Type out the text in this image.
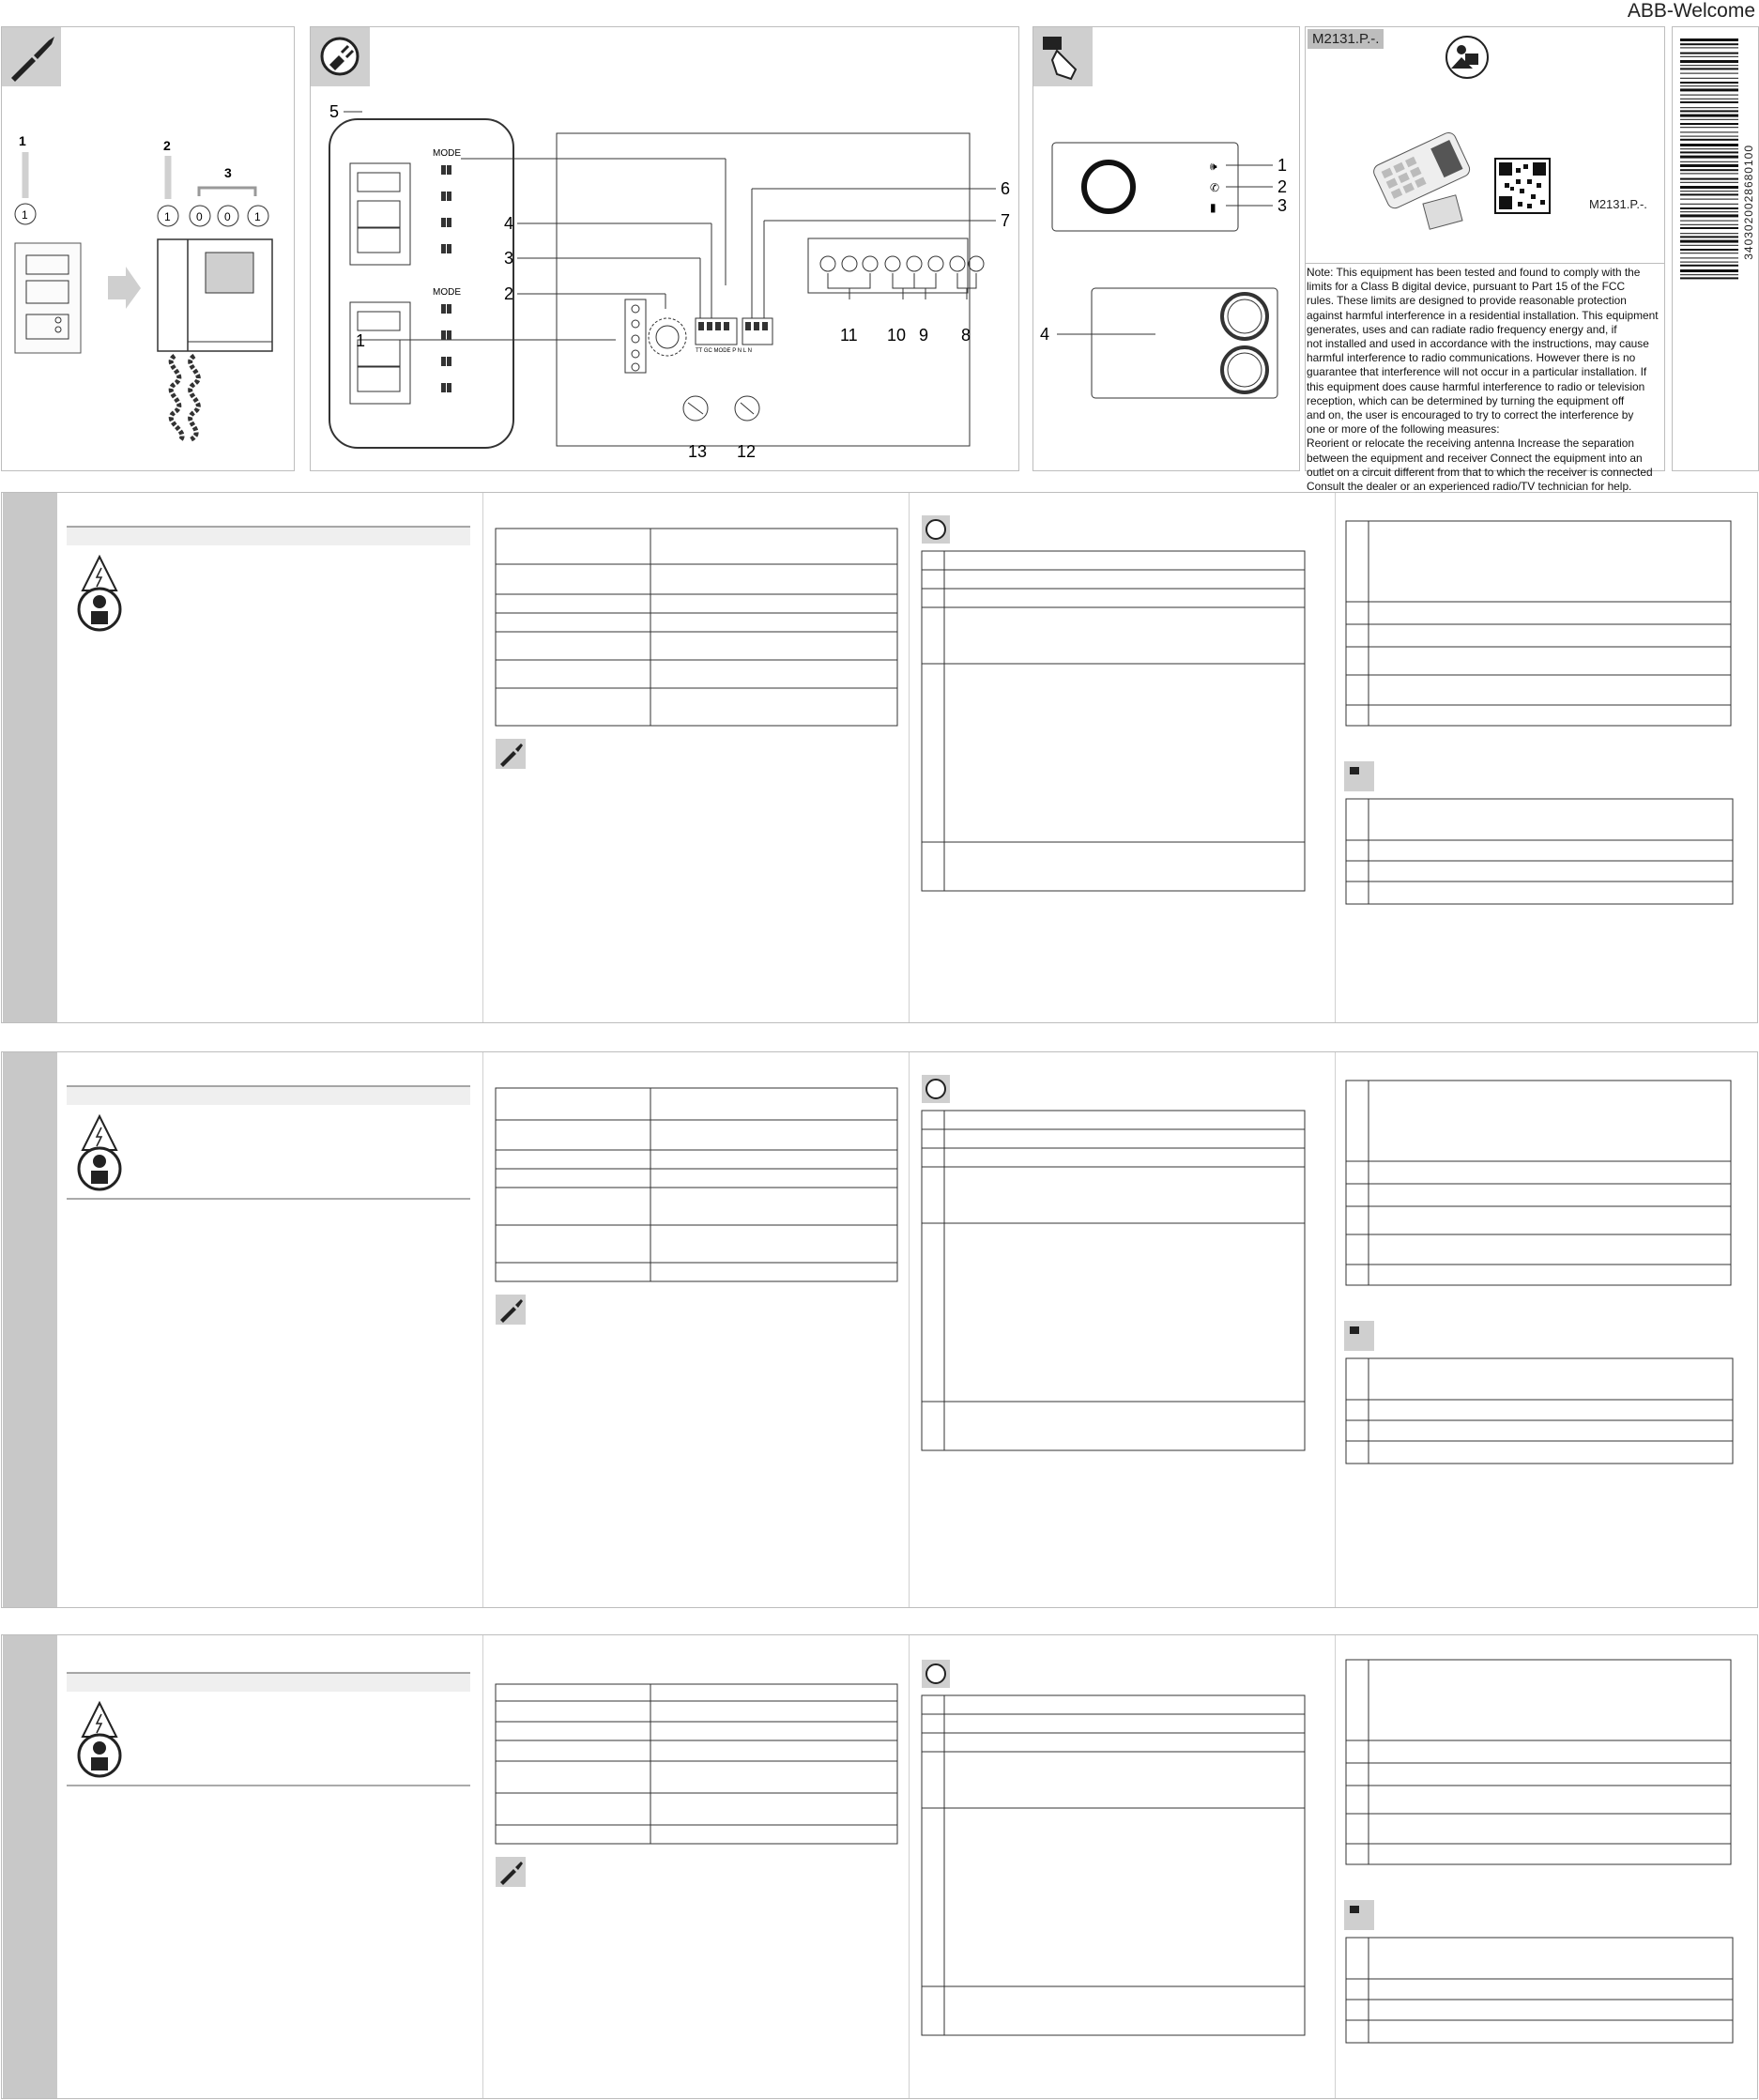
ABB-Welcome
1
1
2
1
3
0 0 1
5
MODE
MODE
1
2
3
4
6
7
TT GC MODE P N L N
11 10 9 8
13 12
🕪
✆
▮
1
2
3
4
M2131.P.-.
M2131.P.-.

Note: This equipment has been tested and found to comply with the

limits for a Class B digital device, pursuant to Part 15 of the FCC

rules. These limits are designed to provide reasonable protection

against harmful interference in a residential installation. This equipment

generates, uses and can radiate radio frequency energy and, if

not installed and used in accordance with the instructions, may cause

harmful interference to radio communications. However there is no

guarantee that interference will not occur in a particular installation. If

this equipment does cause harmful interference to radio or television

reception, which can be determined by turning the equipment off

and on, the user is encouraged to try to correct the interference by

one or more of the following measures:

Reorient or relocate the receiving antenna Increase the separation

between the equipment and receiver Connect the equipment into an

outlet on a circuit different from that to which the receiver is connected

Consult the dealer or an experienced radio/TV technician for help.

3403020028680100
